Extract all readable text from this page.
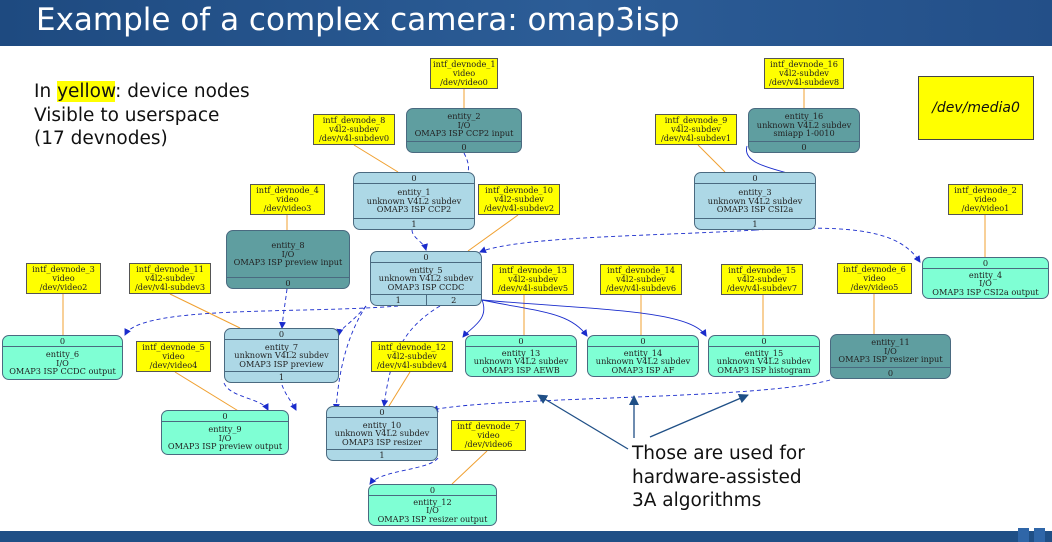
Example of a complex camera: omap3isp
In yellow: device nodes
Visible to userspace
(17 devnodes)
/dev/media0
Those are used for
hardware-assisted
3A algorithms
intf_devnode_1
video
/dev/video0
intf_devnode_16
v4l2-subdev
/dev/v4l-subdev8
intf_devnode_8
v4l2-subdev
/dev/v4l-subdev0
intf_devnode_9
v4l2-subdev
/dev/v4l-subdev1
intf_devnode_4
video
/dev/video3
intf_devnode_10
v4l2-subdev
/dev/v4l-subdev2
intf_devnode_2
video
/dev/video1
intf_devnode_3
video
/dev/video2
intf_devnode_11
v4l2-subdev
/dev/v4l-subdev3
intf_devnode_13
v4l2-subdev
/dev/v4l-subdev5
intf_devnode_14
v4l2-subdev
/dev/v4l-subdev6
intf_devnode_15
v4l2-subdev
/dev/v4l-subdev7
intf_devnode_6
video
/dev/video5
intf_devnode_5
video
/dev/video4
intf_devnode_12
v4l2-subdev
/dev/v4l-subdev4
intf_devnode_7
video
/dev/video6
entity_2
I/O
OMAP3 ISP CCP2 input
0
entity_16
unknown V4L2 subdev
smiapp 1-0010
0
0
entity_1
unknown V4L2 subdev
OMAP3 ISP CCP2
1
0
entity_3
unknown V4L2 subdev
OMAP3 ISP CSI2a
1
0
entity_5
unknown V4L2 subdev
OMAP3 ISP CCDC
1	2
entity_8
I/O
OMAP3 ISP preview input
0
0
entity_4
I/O
OMAP3 ISP CSI2a output
0
entity_6
I/O
OMAP3 ISP CCDC output
0
entity_7
unknown V4L2 subdev
OMAP3 ISP preview
1
0
entity_13
unknown V4L2 subdev
OMAP3 ISP AEWB
0
entity_14
unknown V4L2 subdev
OMAP3 ISP AF
0
entity_15
unknown V4L2 subdev
OMAP3 ISP histogram
entity_11
I/O
OMAP3 ISP resizer input
0
0
entity_9
I/O
OMAP3 ISP preview output
0
entity_10
unknown V4L2 subdev
OMAP3 ISP resizer
1
0
entity_12
I/O
OMAP3 ISP resizer output
